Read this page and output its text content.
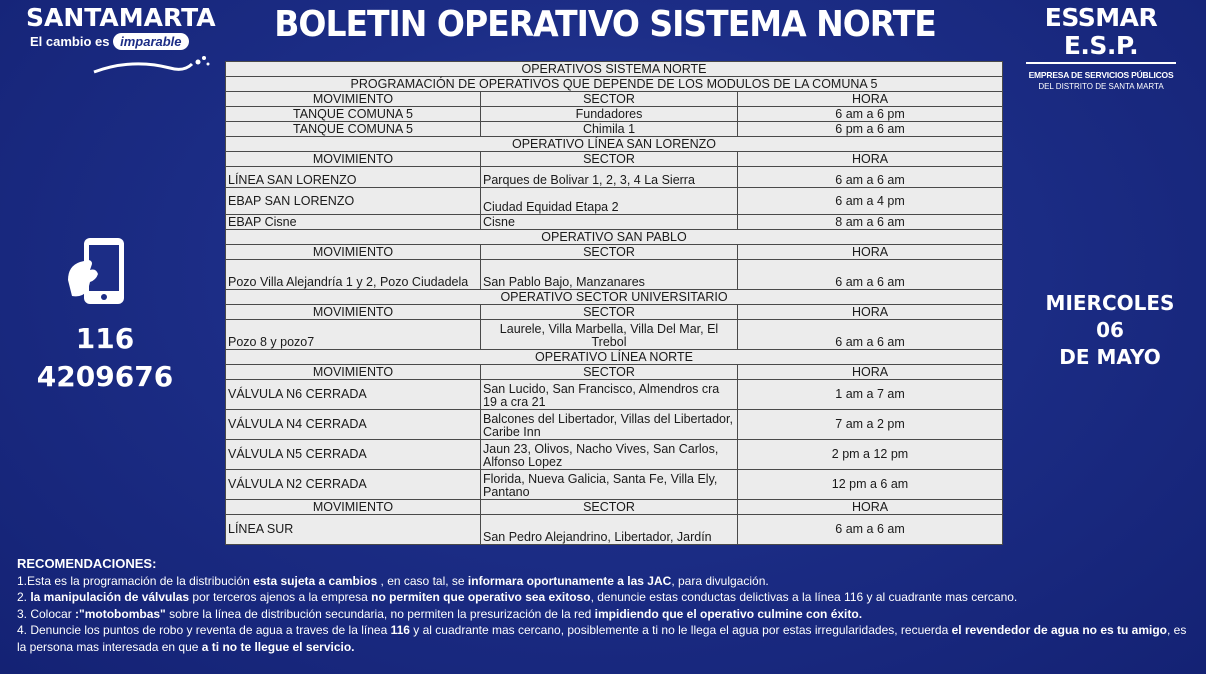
SANTAMARTA
El cambio es imparable	BOLETIN OPERATIVO SISTEMA NORTE	ESSMAR E.S.P.
EMPRESA DE SERVICIOS PÚBLICOS
DEL DISTRITO DE SANTA MARTA
116
4209676
MIERCOLES
06
DE MAYO
OPERATIVOS SISTEMA NORTE		
PROGRAMACIÓN DE OPERATIVOS QUE DEPENDE DE LOS MODULOS DE LA COMUNA 5		
MOVIMIENTO	SECTOR	HORA
TANQUE COMUNA 5	Fundadores	6 am a 6 pm
TANQUE COMUNA 5	Chimila 1	6 pm a 6 am
OPERATIVO LÍNEA SAN LORENZO		
MOVIMIENTO	SECTOR	HORA
LÍNEA SAN LORENZO	Parques de Bolivar 1, 2, 3, 4 La Sierra	6 am a 6 am
EBAP SAN LORENZO	Ciudad Equidad Etapa 2	6 am a 4 pm
EBAP Cisne	Cisne	8 am a 6 am
OPERATIVO SAN PABLO		
MOVIMIENTO	SECTOR	HORA
Pozo Villa Alejandría 1 y 2, Pozo Ciudadela	San Pablo Bajo, Manzanares	6 am a 6 am
OPERATIVO SECTOR UNIVERSITARIO		
MOVIMIENTO	SECTOR	HORA
Pozo 8 y pozo7	Laurele, Villa Marbella, Villa Del Mar, El Trebol	6 am a 6 am
OPERATIVO LÍNEA NORTE		
MOVIMIENTO	SECTOR	HORA
VÁLVULA N6 CERRADA	San Lucido, San Francisco, Almendros cra 19 a cra 21	1 am a 7 am
VÁLVULA N4 CERRADA	Balcones del Libertador, Villas del Libertador, Caribe Inn	7 am a 2 pm
VÁLVULA N5 CERRADA	Jaun 23, Olivos, Nacho Vives, San Carlos, Alfonso Lopez	2 pm a 12 pm
VÁLVULA N2 CERRADA	Florida, Nueva Galicia, Santa Fe, Villa Ely, Pantano	12 pm a 6 am
MOVIMIENTO	SECTOR	HORA
LÍNEA SUR	San Pedro Alejandrino, Libertador, Jardín	6 am a 6 am
RECOMENDACIONES:
1.Esta es la programación de la distribución esta sujeta a cambios , en caso tal, se informara oportunamente a las JAC, para divulgación.
2. la manipulación de válvulas por terceros ajenos a la empresa no permiten que operativo sea exitoso, denuncie estas conductas delictivas a la línea 116 y al cuadrante mas cercano.
3. Colocar :"motobombas" sobre la línea de distribución secundaria, no permiten la presurización de la red impidiendo que el operativo culmine con éxito.
4. Denuncie los puntos de robo y reventa de agua a traves de la línea 116 y al cuadrante mas cercano, posiblemente a ti no le llega el agua por estas irregularidades, recuerda el revendedor de agua no es tu amigo, es la persona mas interesada en que a ti no te llegue el servicio.
